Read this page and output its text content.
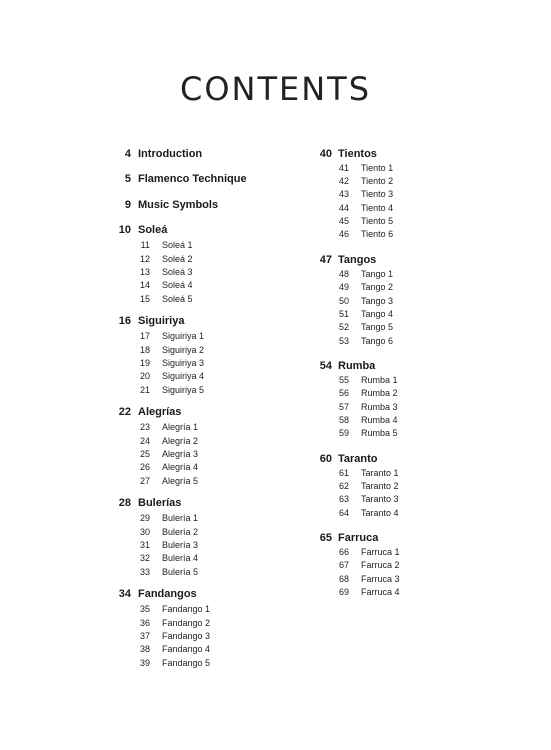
CONTENTS
4 Introduction
5 Flamenco Technique
9 Music Symbols
10 Soleá
11 Soleá 1
12 Soleá 2
13 Soleá 3
14 Soleá 4
15 Soleá 5
16 Siguiriya
17 Siguiriya 1
18 Siguiriya 2
19 Siguiriya 3
20 Siguiriya 4
21 Siguiriya 5
22 Alegrías
23 Alegría 1
24 Alegría 2
25 Alegría 3
26 Alegría 4
27 Alegría 5
28 Bulerías
29 Bulería 1
30 Bulería 2
31 Bulería 3
32 Bulería 4
33 Bulería 5
34 Fandangos
35 Fandango 1
36 Fandango 2
37 Fandango 3
38 Fandango 4
39 Fandango 5
40 Tientos
41 Tiento 1
42 Tiento 2
43 Tiento 3
44 Tiento 4
45 Tiento 5
46 Tiento 6
47 Tangos
48 Tango 1
49 Tango 2
50 Tango 3
51 Tango 4
52 Tango 5
53 Tango 6
54 Rumba
55 Rumba 1
56 Rumba 2
57 Rumba 3
58 Rumba 4
59 Rumba 5
60 Taranto
61 Taranto 1
62 Taranto 2
63 Taranto 3
64 Taranto 4
65 Farruca
66 Farruca 1
67 Farruca 2
68 Farruca 3
69 Farruca 4
